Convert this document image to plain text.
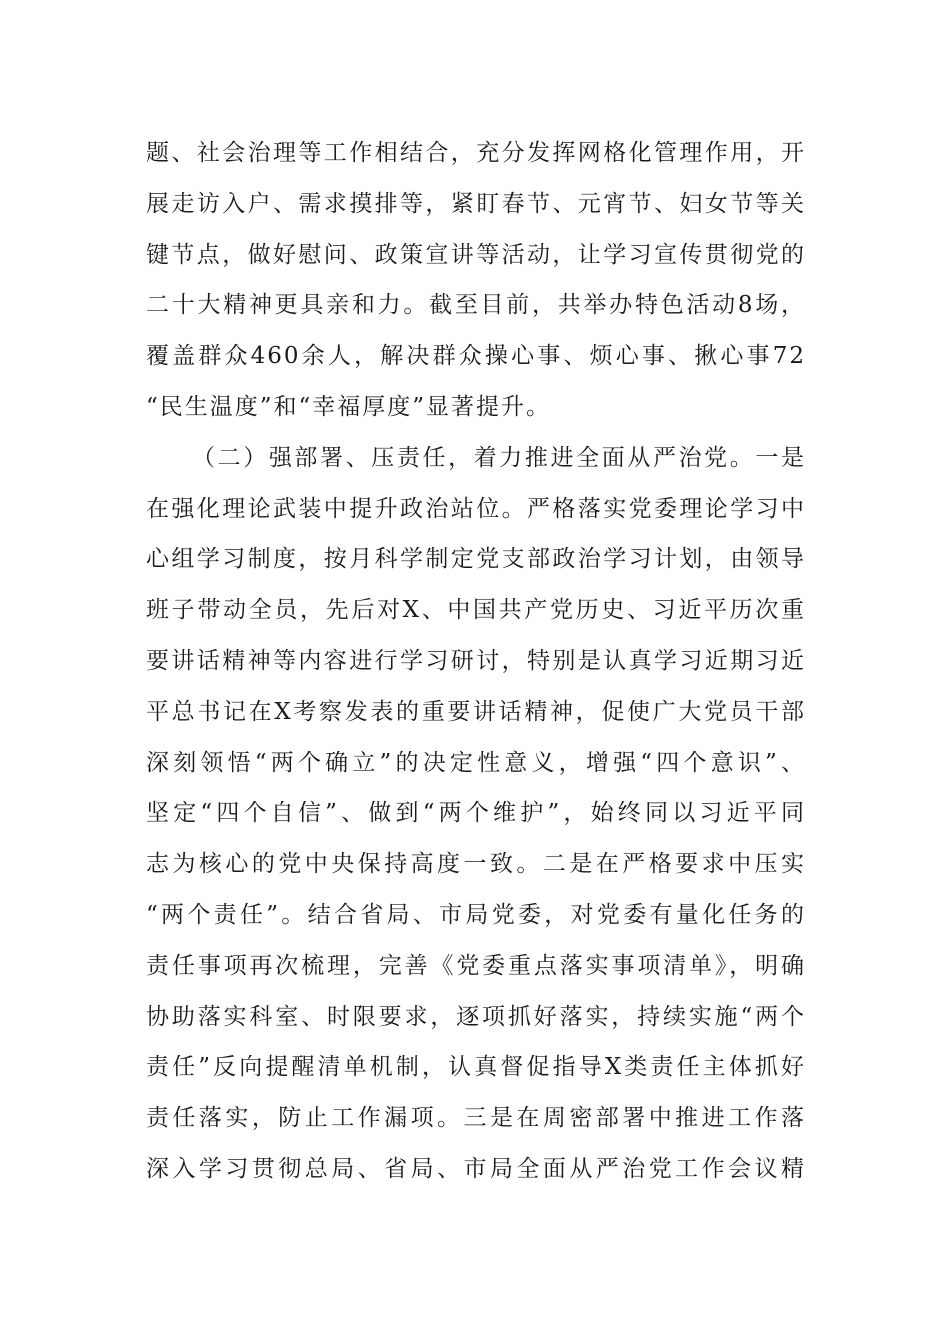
题、社会治理等工作相结合，充分发挥网格化管理作用，开
展走访入户、需求摸排等，紧盯春节、元宵节、妇女节等关
键节点，做好慰问、政策宣讲等活动，让学习宣传贯彻党的
二十大精神更具亲和力。截至目前，共举办特色活动8场，
覆盖群众460余人，解决群众操心事、烦心事、揪心事72
“民生温度”和“幸福厚度”显著提升。
（二）强部署、压责任，着力推进全面从严治党。一是
在强化理论武装中提升政治站位。严格落实党委理论学习中
心组学习制度，按月科学制定党支部政治学习计划，由领导
班子带动全员，先后对X、中国共产党历史、习近平历次重
要讲话精神等内容进行学习研讨，特别是认真学习近期习近
平总书记在X考察发表的重要讲话精神，促使广大党员干部
深刻领悟“两个确立”的决定性意义，增强“四个意识”、
坚定“四个自信”、做到“两个维护”，始终同以习近平同
志为核心的党中央保持高度一致。二是在严格要求中压实
“两个责任”。结合省局、市局党委，对党委有量化任务的
责任事项再次梳理，完善《党委重点落实事项清单》，明确
协助落实科室、时限要求，逐项抓好落实，持续实施“两个
责任”反向提醒清单机制，认真督促指导X类责任主体抓好
责任落实，防止工作漏项。三是在周密部署中推进工作落
深入学习贯彻总局、省局、市局全面从严治党工作会议精
